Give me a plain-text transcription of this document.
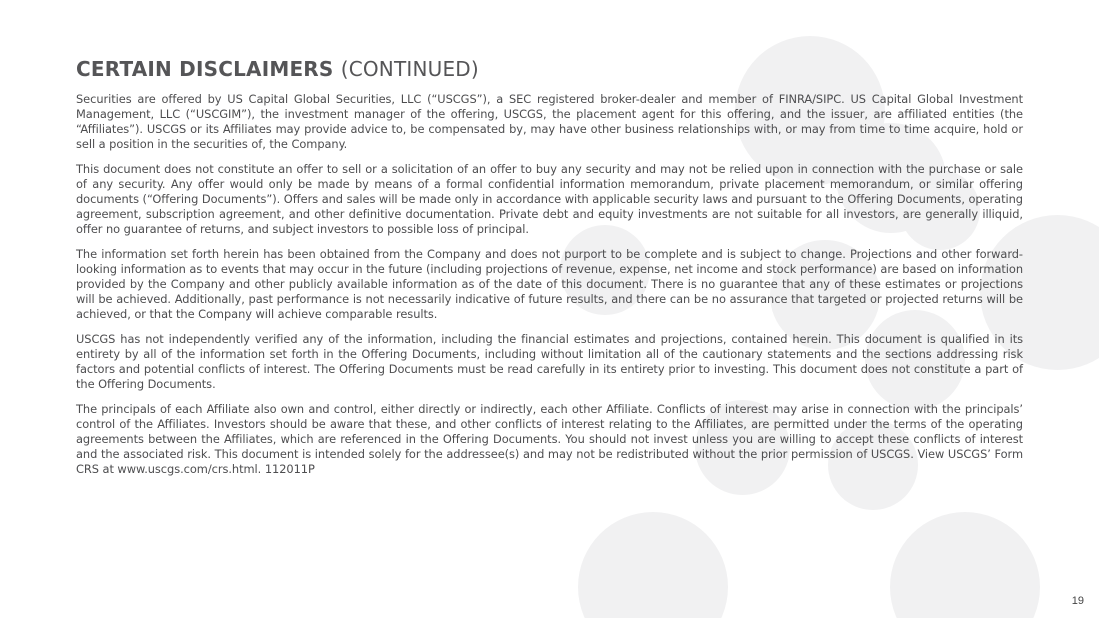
CERTAIN DISCLAIMERS (CONTINUED)

Securities are offered by US Capital Global Securities, LLC (“USCGS”), a SEC registered broker-dealer and member of FINRA/SIPC. US Capital Global Investment Management, LLC (“USCGIM”), the investment manager of the offering, USCGS, the placement agent for this offering, and the issuer, are affiliated entities (the “Affiliates”). USCGS or its Affiliates may provide advice to, be compensated by, may have other business relationships with, or may from time to time acquire, hold or sell a position in the securities of, the Company.

This document does not constitute an offer to sell or a solicitation of an offer to buy any security and may not be relied upon in connection with the purchase or sale of any security. Any offer would only be made by means of a formal confidential information memorandum, private placement memorandum, or similar offering documents (“Offering Documents”). Offers and sales will be made only in accordance with applicable security laws and pursuant to the Offering Documents, operating agreement, subscription agreement, and other definitive documentation. Private debt and equity investments are not suitable for all investors, are generally illiquid, offer no guarantee of returns, and subject investors to possible loss of principal.

The information set forth herein has been obtained from the Company and does not purport to be complete and is subject to change. Projections and other forward-looking information as to events that may occur in the future (including projections of revenue, expense, net income and stock performance) are based on information provided by the Company and other publicly available information as of the date of this document. There is no guarantee that any of these estimates or projections will be achieved. Additionally, past performance is not necessarily indicative of future results, and there can be no assurance that targeted or projected returns will be achieved, or that the Company will achieve comparable results.

USCGS has not independently verified any of the information, including the financial estimates and projections, contained herein. This document is qualified in its entirety by all of the information set forth in the Offering Documents, including without limitation all of the cautionary statements and the sections addressing risk factors and potential conflicts of interest. The Offering Documents must be read carefully in its entirety prior to investing. This document does not constitute a part of the Offering Documents.

The principals of each Affiliate also own and control, either directly or indirectly, each other Affiliate. Conflicts of interest may arise in connection with the principals’ control of the Affiliates. Investors should be aware that these, and other conflicts of interest relating to the Affiliates, are permitted under the terms of the operating agreements between the Affiliates, which are referenced in the Offering Documents. You should not invest unless you are willing to accept these conflicts of interest and the associated risk. This document is intended solely for the addressee(s) and may not be redistributed without the prior permission of USCGS. View USCGS’ Form CRS at www.uscgs.com/crs.html. 112011P

19
